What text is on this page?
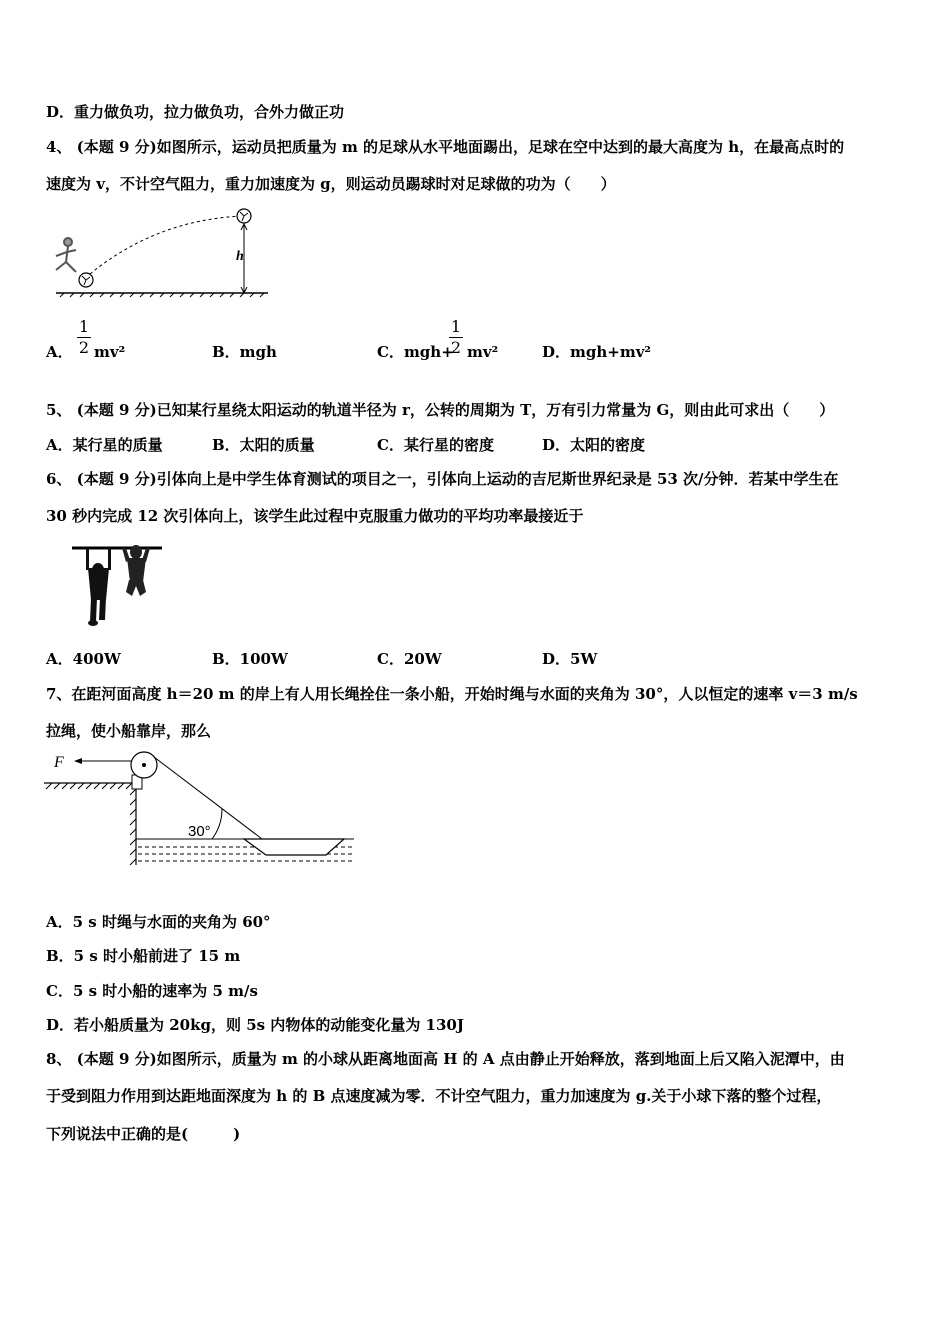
D．重力做负功，拉力做负功，合外力做正功
4、 (本题 9 分)如图所示，运动员把质量为 m 的足球从水平地面踢出，足球在空中达到的最大高度为 h，在最高点时的
速度为 v，不计空气阻力，重力加速度为 g，则运动员踢球时对足球做的功为（　　）
h
A．
1
2 mv²	B．mgh	C．mgh+
1
2 mv²	D．mgh+mv²
5、 (本题 9 分)已知某行星绕太阳运动的轨道半径为 r，公转的周期为 T，万有引力常量为 G，则由此可求出（　　）
A．某行星的质量	B．太阳的质量	C．某行星的密度	D．太阳的密度
6、 (本题 9 分)引体向上是中学生体育测试的项目之一，引体向上运动的吉尼斯世界纪录是 53 次/分钟．若某中学生在
30 秒内完成 12 次引体向上，该学生此过程中克服重力做功的平均功率最接近于
A．400W	B．100W	C．20W	D．5W
7、在距河面高度 h＝20 m 的岸上有人用长绳拴住一条小船，开始时绳与水面的夹角为 30°，人以恒定的速率 v＝3 m/s
拉绳，使小船靠岸，那么
F
30°
A．5 s 时绳与水面的夹角为 60°
B．5 s 时小船前进了 15 m
C．5 s 时小船的速率为 5 m/s
D．若小船质量为 20kg，则 5s 内物体的动能变化量为 130J
8、 (本题 9 分)如图所示，质量为 m 的小球从距离地面高 H 的 A 点由静止开始释放，落到地面上后又陷入泥潭中，由
于受到阻力作用到达距地面深度为 h 的 B 点速度减为零．不计空气阻力，重力加速度为 g.关于小球下落的整个过程，
下列说法中正确的是(　　　)
